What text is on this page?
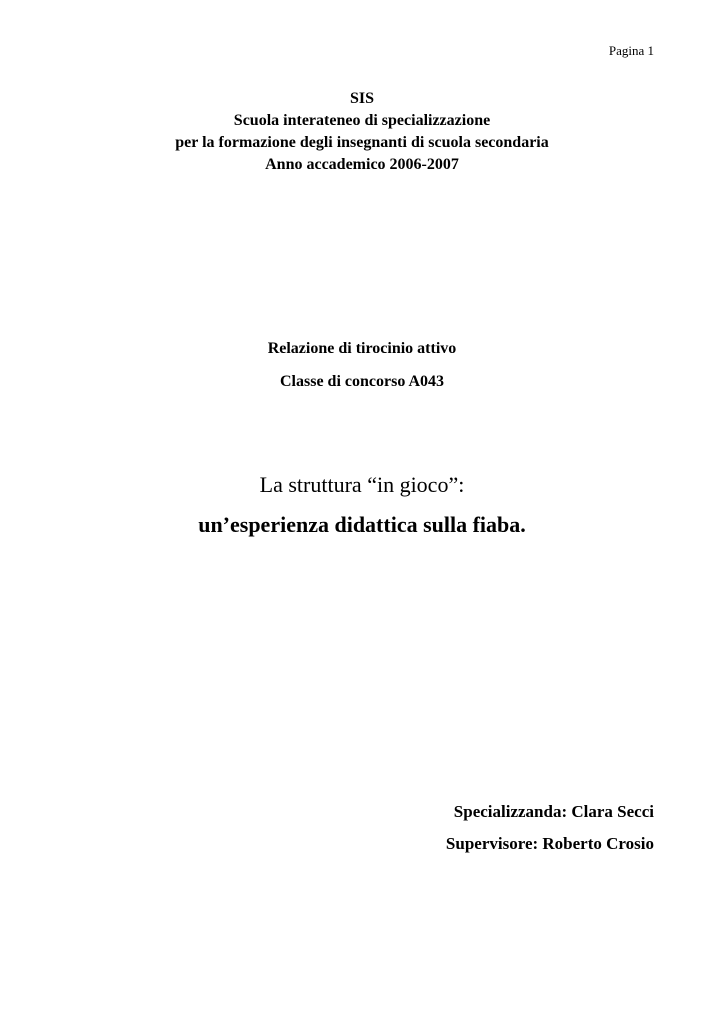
Pagina 1
SIS
Scuola interateneo di specializzazione
per la formazione degli insegnanti di scuola secondaria
Anno accademico 2006-2007
Relazione di tirocinio attivo
Classe di concorso A043
La struttura “in gioco”:
un’esperienza didattica sulla fiaba.
Specializzanda: Clara Secci
Supervisore: Roberto Crosio
